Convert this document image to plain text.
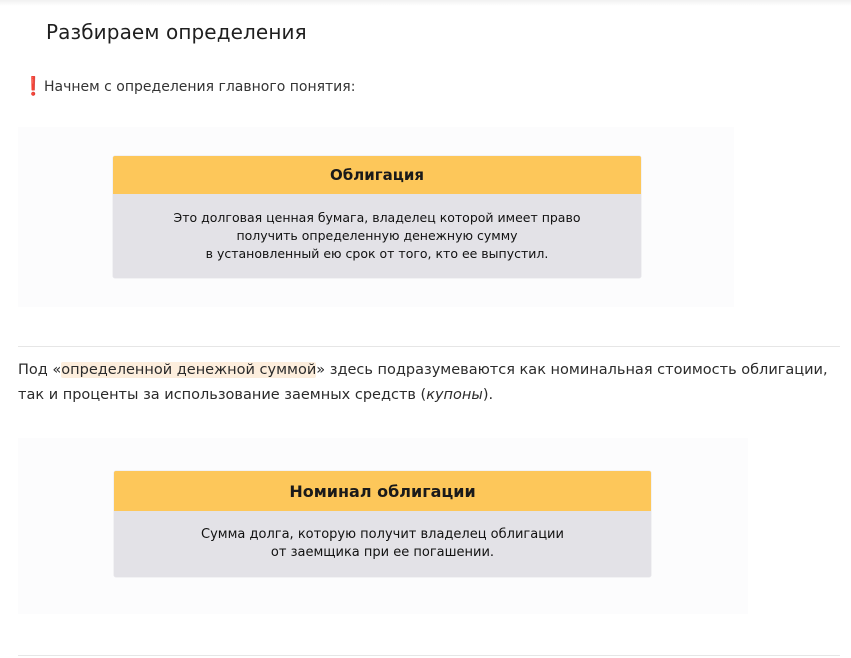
Разбираем определения
❗ Начнем с определения главного понятия:
Облигация
Это долговая ценная бумага, владелец которой имеет право
получить определенную денежную сумму
в установленный ею срок от того, кто ее выпустил.

Под «определенной денежной суммой» здесь подразумеваются как номинальная стоимость облигации, так и проценты за использование заемных средств (купоны).

Номинал облигации
Сумма долга, которую получит владелец облигации
от заемщика при ее погашении.
